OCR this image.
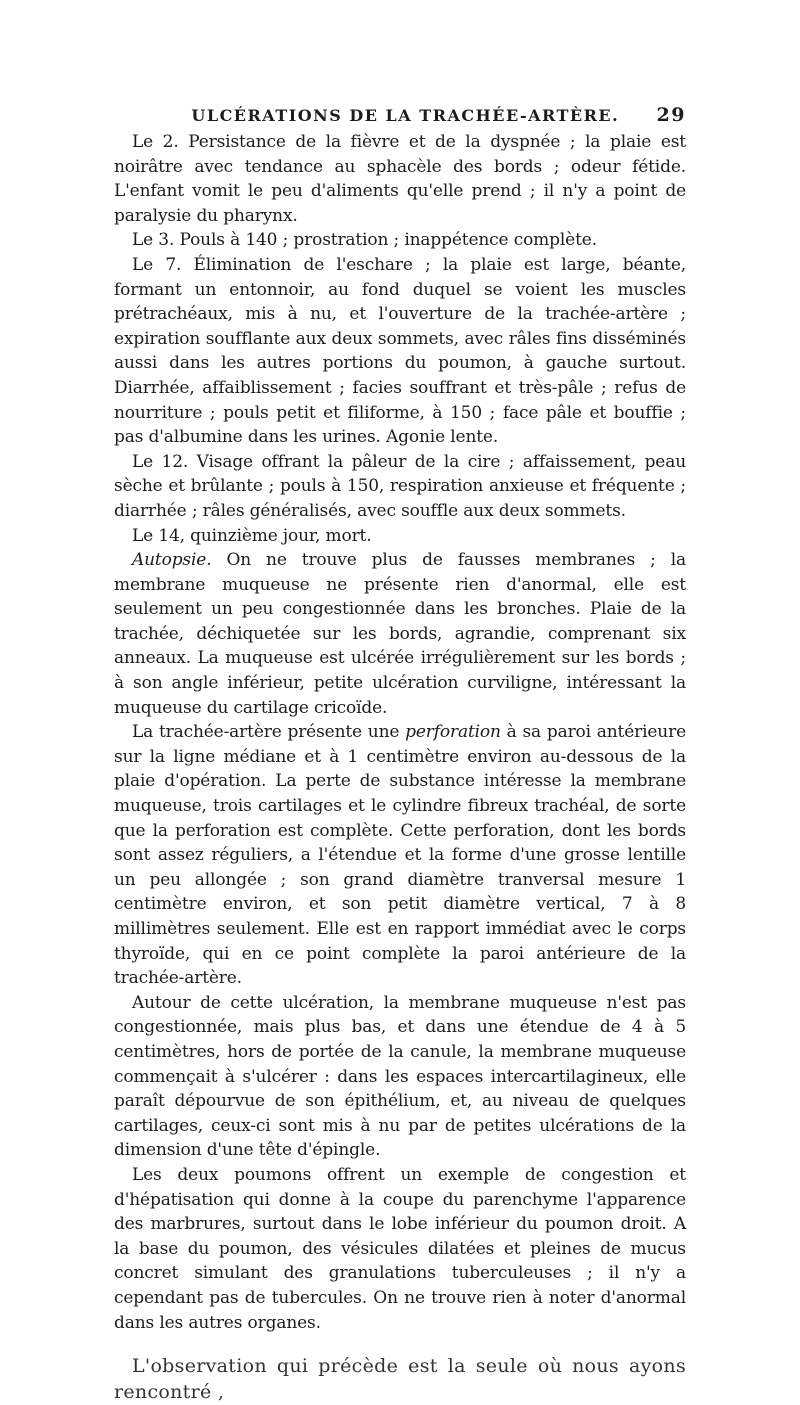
ULCÉRATIONS DE LA TRACHÉE-ARTÈRE.	29

Le 2. Persistance de la fièvre et de la dyspnée ; la plaie est noirâtre avec tendance au sphacèle des bords ; odeur fétide. L'enfant vomit le peu d'aliments qu'elle prend ; il n'y a point de paralysie du pharynx.

Le 3. Pouls à 140 ; prostration ; inappétence complète.

Le 7. Élimination de l'eschare ; la plaie est large, béante, formant un entonnoir, au fond duquel se voient les muscles prétrachéaux, mis à nu, et l'ouverture de la trachée-artère ; expiration soufflante aux deux sommets, avec râles fins disséminés aussi dans les autres portions du poumon, à gauche surtout. Diarrhée, affaiblissement ; facies souffrant et très-pâle ; refus de nourriture ; pouls petit et filiforme, à 150 ; face pâle et bouffie ; pas d'albumine dans les urines. Agonie lente.

Le 12. Visage offrant la pâleur de la cire ; affaissement, peau sèche et brûlante ; pouls à 150, respiration anxieuse et fréquente ; diarrhée ; râles généralisés, avec souffle aux deux sommets.

Le 14, quinzième jour, mort.

Autopsie. On ne trouve plus de fausses membranes ; la membrane muqueuse ne présente rien d'anormal, elle est seulement un peu congestionnée dans les bronches. Plaie de la trachée, déchiquetée sur les bords, agrandie, comprenant six anneaux. La muqueuse est ulcérée irrégulièrement sur les bords ; à son angle inférieur, petite ulcération curviligne, intéressant la muqueuse du cartilage cricoïde.

La trachée-artère présente une perforation à sa paroi antérieure sur la ligne médiane et à 1 centimètre environ au-dessous de la plaie d'opération. La perte de substance intéresse la membrane muqueuse, trois cartilages et le cylindre fibreux trachéal, de sorte que la perforation est complète. Cette perforation, dont les bords sont assez réguliers, a l'étendue et la forme d'une grosse lentille un peu allongée ; son grand diamètre tranversal mesure 1 centimètre environ, et son petit diamètre vertical, 7 à 8 millimètres seulement. Elle est en rapport immédiat avec le corps thyroïde, qui en ce point complète la paroi antérieure de la trachée-artère.

Autour de cette ulcération, la membrane muqueuse n'est pas congestionnée, mais plus bas, et dans une étendue de 4 à 5 centimètres, hors de portée de la canule, la membrane muqueuse commençait à s'ulcérer : dans les espaces intercartilagineux, elle paraît dépourvue de son épithélium, et, au niveau de quelques cartilages, ceux-ci sont mis à nu par de petites ulcérations de la dimension d'une tête d'épingle.

Les deux poumons offrent un exemple de congestion et d'hépatisation qui donne à la coupe du parenchyme l'apparence des marbrures, surtout dans le lobe inférieur du poumon droit. A la base du poumon, des vésicules dilatées et pleines de mucus concret simulant des granulations tuberculeuses ; il n'y a cependant pas de tubercules. On ne trouve rien à noter d'anormal dans les autres organes.

L'observation qui précède est la seule où nous ayons rencontré ,
